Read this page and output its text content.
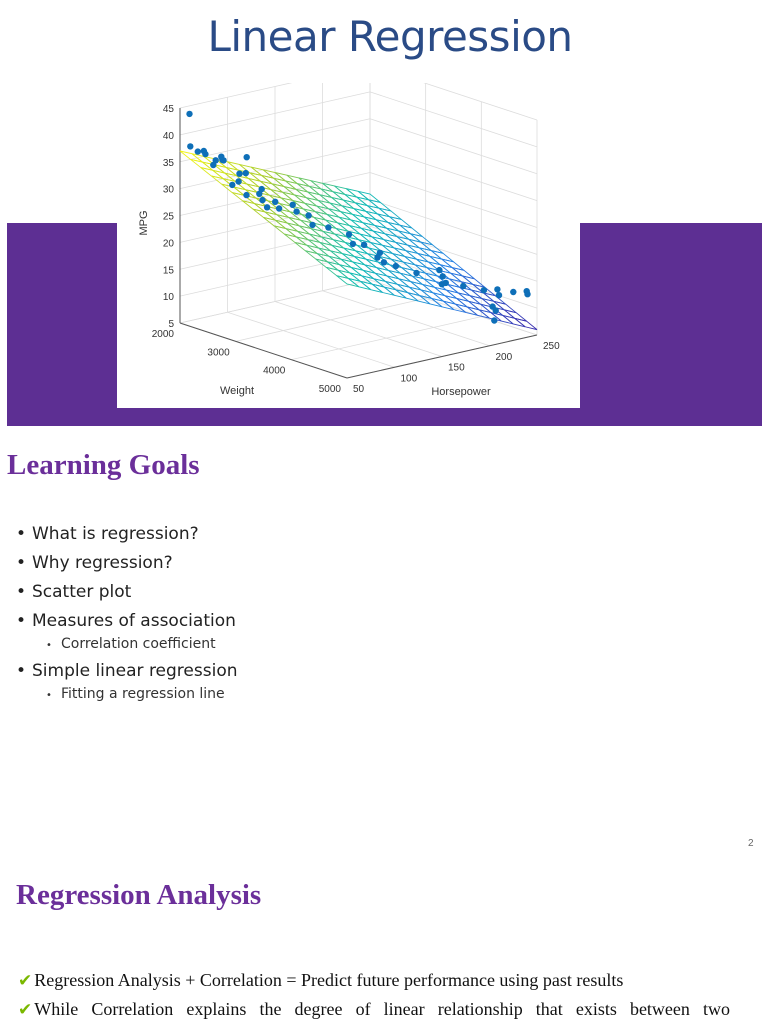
Linear Regression
5
10
15
20
25
30
35
40
45
2000
3000
4000
5000 50
100
150
200
250
MPG
Weight	Horsepower
Learning Goals
• What is regression?
• Why regression?
• Scatter plot
• Measures of association
• Correlation coefficient
• Simple linear regression
• Fitting a regression line
2
Regression Analysis
✔ Regression Analysis + Correlation = Predict future performance using past results
✔ While Correlation explains the degree of linear relationship that exists between two
